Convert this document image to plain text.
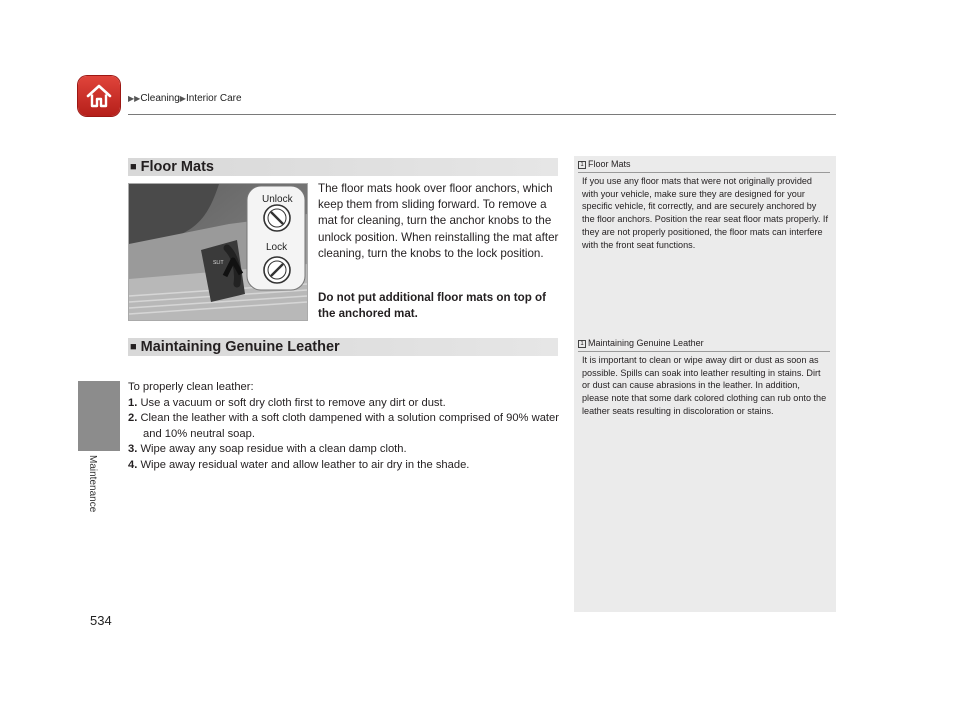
▶▶Cleaning▶Interior Care
Maintenance
■ Floor Mats
SLIT
Unlock
Lock
The floor mats hook over floor anchors, which keep them from sliding forward. To remove a mat for cleaning, turn the anchor knobs to the unlock position. When reinstalling the mat after cleaning, turn the knobs to the lock position.
Do not put additional floor mats on top of the anchored mat.
■ Maintaining Genuine Leather
To properly clean leather:
1. Use a vacuum or soft dry cloth first to remove any dirt or dust.
2. Clean the leather with a soft cloth dampened with a solution comprised of 90% water and 10% neutral soap.
3. Wipe away any soap residue with a clean damp cloth.
4. Wipe away residual water and allow leather to air dry in the shade.
1 Floor Mats
If you use any floor mats that were not originally provided with your vehicle, make sure they are designed for your specific vehicle, fit correctly, and are securely anchored by the floor anchors. Position the rear seat floor mats properly. If they are not properly positioned, the floor mats can interfere with the front seat functions.
1 Maintaining Genuine Leather
It is important to clean or wipe away dirt or dust as soon as possible. Spills can soak into leather resulting in stains. Dirt or dust can cause abrasions in the leather. In addition, please note that some dark colored clothing can rub onto the leather seats resulting in discoloration or stains.
534
